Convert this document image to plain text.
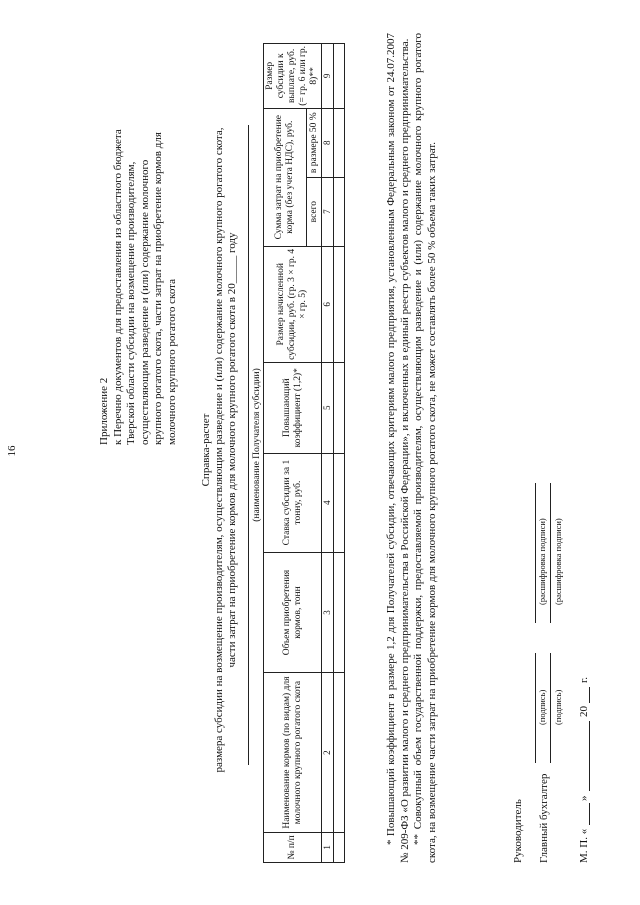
16
Приложение 2 к Перечню документов для предоставления из областного бюджета Тверской области субсидии на возмещение производителям, осуществляющим разведение и (или) содержание молочного крупного рогатого скота, части затрат на приобретение кормов для молочного крупного рогатого скота
Справка-расчет размера субсидии на возмещение производителям, осуществляющим разведение и (или) содержание молочного крупного рогатого скота, части затрат на приобретение кормов для молочного крупного рогатого скота в 20_____ году (наименование Получателя субсидии)
№ п/п	Наименование кормов (по видам) для молочного крупного рогатого скота	Объем приобретения кормов, тонн	Ставка субсидии за 1 тонну, руб.	Повышающий коэффициент (1,2)*	Размер начисленной субсидии, руб. (гр. 3 × гр. 4 × гр. 5)	Сумма затрат на приобретение корма (без учета НДС), руб.		Размер субсидии к выплате, руб. (= гр. 6 или гр. 8)**
						всего	в размере 50 %	
1	2	3	4	5	6	7	8	9
									* Повышающий коэффициент в размере 1,2 для Получателей субсидии, отвечающих критериям малого предприятия, установленным Федеральным законом от 24.07.2007 № 209-ФЗ «О развитии малого и среднего предпринимательства в Российской Федерации», и включенных в единый реестр субъектов малого и среднего предпринимательства. ** Совокупный объем государственной поддержки, предоставляемой производителям, осуществляющим разведение и (или) содержание молочного крупного рогатого скота, на возмещение части затрат на приобретение кормов для молочного крупного рогатого скота, не может составлять более 50 % объема таких затрат.	Руководитель Главный бухгалтер
(подпись) (подпись)
(расшифровка подписи) (расшифровка подписи)
М. П. «
»
20
г.
